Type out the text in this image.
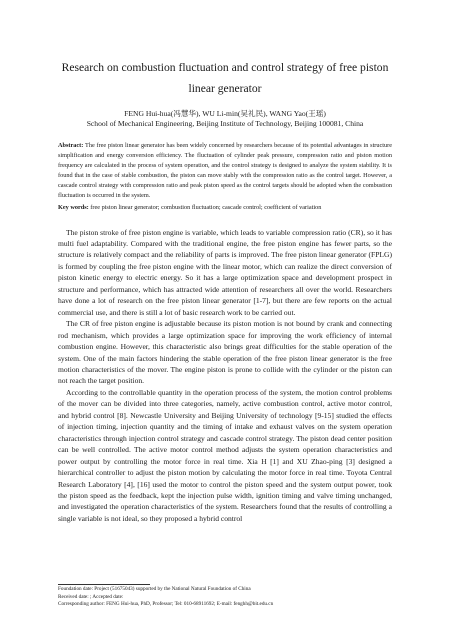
Research on combustion fluctuation and control strategy of free piston linear generator
FENG Hui-hua(冯慧华), WU Li-min(吴礼民), WANG Yao(王瑶)
School of Mechanical Engineering, Beijing Institute of Technology, Beijing 100081, China
Abstract: The free piston linear generator has been widely concerned by researchers because of its potential advantages in structure simplification and energy conversion efficiency. The fluctuation of cylinder peak pressure, compression ratio and piston motion frequency are calculated in the process of system operation, and the control strategy is designed to analyze the system stability. It is found that in the case of stable combustion, the piston can move stably with the compression ratio as the control target. However, a cascade control strategy with compression ratio and peak piston speed as the control targets should be adopted when the combustion fluctuation is occurred in the system.
Key words: free piston linear generator; combustion fluctuation; cascade control; coefficient of variation

The piston stroke of free piston engine is variable, which leads to variable compression ratio (CR), so it has multi fuel adaptability. Compared with the traditional engine, the free piston engine has fewer parts, so the structure is relatively compact and the reliability of parts is improved. The free piston linear generator (FPLG) is formed by coupling the free piston engine with the linear motor, which can realize the direct conversion of piston kinetic energy to electric energy. So it has a large optimization space and development prospect in structure and performance, which has attracted wide attention of researchers all over the world. Researchers have done a lot of research on the free piston linear generator [1-7], but there are few reports on the actual commercial use, and there is still a lot of basic research work to be carried out.

The CR of free piston engine is adjustable because its piston motion is not bound by crank and connecting rod mechanism, which provides a large optimization space for improving the work efficiency of internal combustion engine. However, this characteristic also brings great difficulties for the stable operation of the system. One of the main factors hindering the stable operation of the free piston linear generator is the free motion characteristics of the mover. The engine piston is prone to collide with the cylinder or the piston can not reach the target position.

According to the controllable quantity in the operation process of the system, the motion control problems of the mover can be divided into three categories, namely, active combustion control, active motor control, and hybrid control [8]. Newcastle University and Beijing University of technology [9-15] studied the effects of injection timing, injection quantity and the timing of intake and exhaust valves on the system operation characteristics through injection control strategy and cascade control strategy. The piston dead center position can be well controlled. The active motor control method adjusts the system operation characteristics and power output by controlling the motor force in real time. Xia H [1] and XU Zhao-ping [3] designed a hierarchical controller to adjust the piston motion by calculating the motor force in real time. Toyota Central Research Laboratory [4], [16] used the motor to control the piston speed and the system output power, took the piston speed as the feedback, kept the injection pulse width, ignition timing and valve timing unchanged, and investigated the operation characteristics of the system. Researchers found that the results of controlling a single variable is not ideal, so they proposed a hybrid control

Foundation date: Project (51675043) supported by the National Natural Foundation of China
Received date: ; Accepted date:
Corresponding author: FENG Hui-hua, PhD, Professor; Tel: 010-68911692; E-mail: fenghh@bit.edu.cn
